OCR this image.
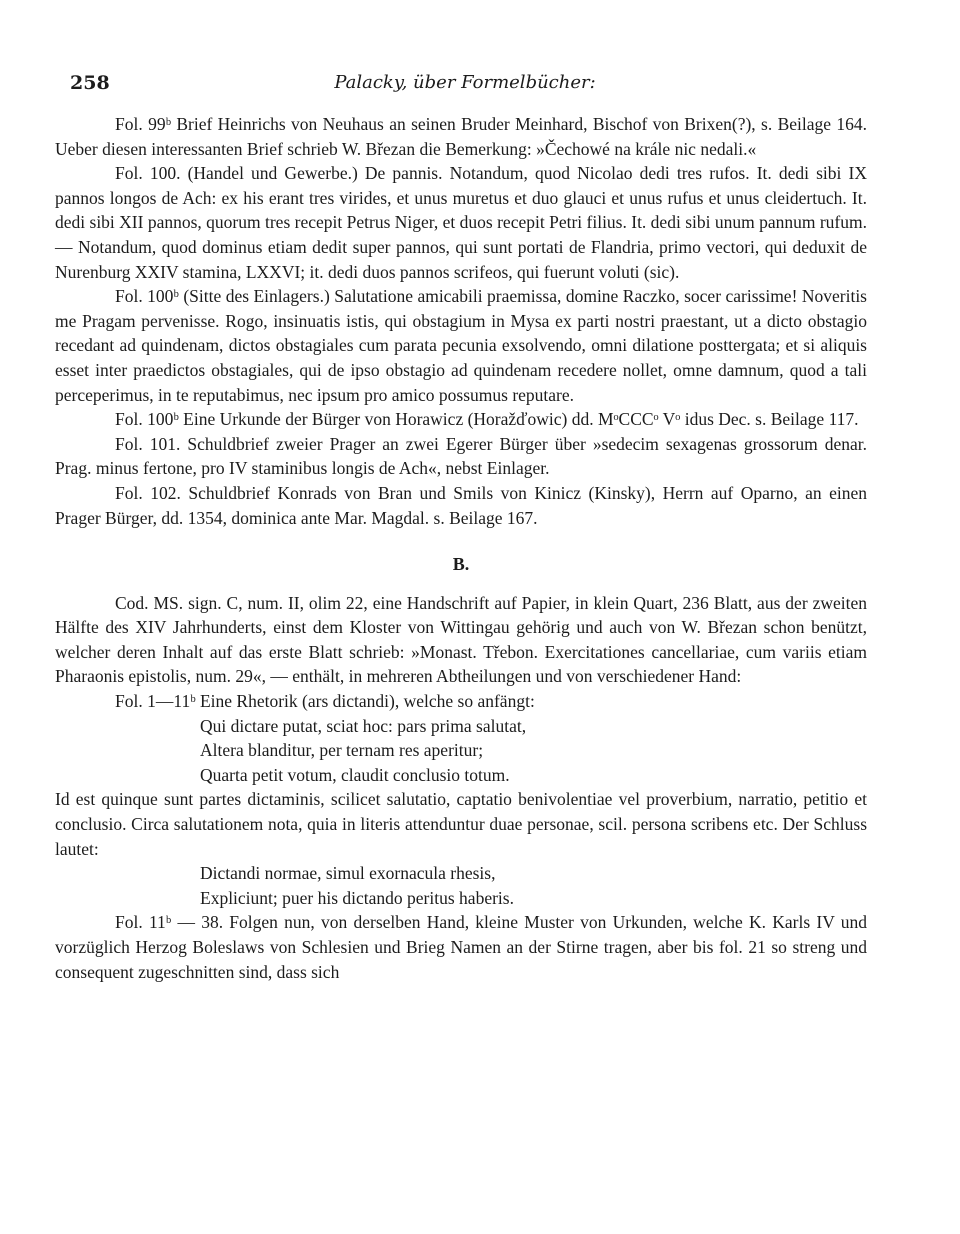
258	Palacky, über Formelbücher:

Fol. 99ᵇ Brief Heinrichs von Neuhaus an seinen Bruder Meinhard, Bischof von Brixen(?), s. Beilage 164. Ueber diesen interessanten Brief schrieb W. Březan die Bemerkung: »Čechowé na krále nic nedali.«

Fol. 100. (Handel und Gewerbe.) De pannis. Notandum, quod Nicolao dedi tres rufos. It. dedi sibi IX pannos longos de Ach: ex his erant tres virides, et unus muretus et duo glauci et unus rufus et unus cleidertuch. It. dedi sibi XII pannos, quorum tres recepit Petrus Niger, et duos recepit Petri filius. It. dedi sibi unum pannum rufum. — Notandum, quod dominus etiam dedit super pannos, qui sunt portati de Flandria, primo vectori, qui deduxit de Nurenburg XXIV stamina, LXXVI; it. dedi duos pannos scrifeos, qui fuerunt voluti (sic).

Fol. 100ᵇ (Sitte des Einlagers.) Salutatione amicabili praemissa, domine Raczko, socer carissime! Noveritis me Pragam pervenisse. Rogo, insinuatis istis, qui obstagium in Mysa ex parti nostri praestant, ut a dicto obstagio recedant ad quindenam, dictos obstagiales cum parata pecunia exsolvendo, omni dilatione posttergata; et si aliquis esset inter praedictos obstagiales, qui de ipso obstagio ad quindenam recedere nollet, omne damnum, quod a tali perceperimus, in te reputabimus, nec ipsum pro amico possumus reputare.

Fol. 100ᵇ Eine Urkunde der Bürger von Horawicz (Horažďowic) dd. MᵒCCCᵒ Vᵒ idus Dec. s. Beilage 117.

Fol. 101. Schuldbrief zweier Prager an zwei Egerer Bürger über »sedecim sexagenas grossorum denar. Prag. minus fertone, pro IV staminibus longis de Ach«, nebst Einlager.

Fol. 102. Schuldbrief Konrads von Bran und Smils von Kinicz (Kinsky), Herrn auf Oparno, an einen Prager Bürger, dd. 1354, dominica ante Mar. Magdal. s. Beilage 167.

B.

Cod. MS. sign. C, num. II, olim 22, eine Handschrift auf Papier, in klein Quart, 236 Blatt, aus der zweiten Hälfte des XIV Jahrhunderts, einst dem Kloster von Wittingau gehörig und auch von W. Březan schon benützt, welcher deren Inhalt auf das erste Blatt schrieb: »Monast. Třebon. Exercitationes cancellariae, cum variis etiam Pharaonis epistolis, num. 29«, — enthält, in mehreren Abtheilungen und von verschiedener Hand:

Fol. 1—11ᵇ Eine Rhetorik (ars dictandi), welche so anfängt:

Qui dictare putat, sciat hoc: pars prima salutat,

Altera blanditur, per ternam res aperitur;

Quarta petit votum, claudit conclusio totum.

Id est quinque sunt partes dictaminis, scilicet salutatio, captatio benivolentiae vel proverbium, narratio, petitio et conclusio. Circa salutationem nota, quia in literis attenduntur duae personae, scil. persona scribens etc. Der Schluss lautet:

Dictandi normae, simul exornacula rhesis,

Expliciunt; puer his dictando peritus haberis.

Fol. 11ᵇ — 38. Folgen nun, von derselben Hand, kleine Muster von Urkunden, welche K. Karls IV und vorzüglich Herzog Boleslaws von Schlesien und Brieg Namen an der Stirne tragen, aber bis fol. 21 so streng und consequent zugeschnitten sind, dass sich
